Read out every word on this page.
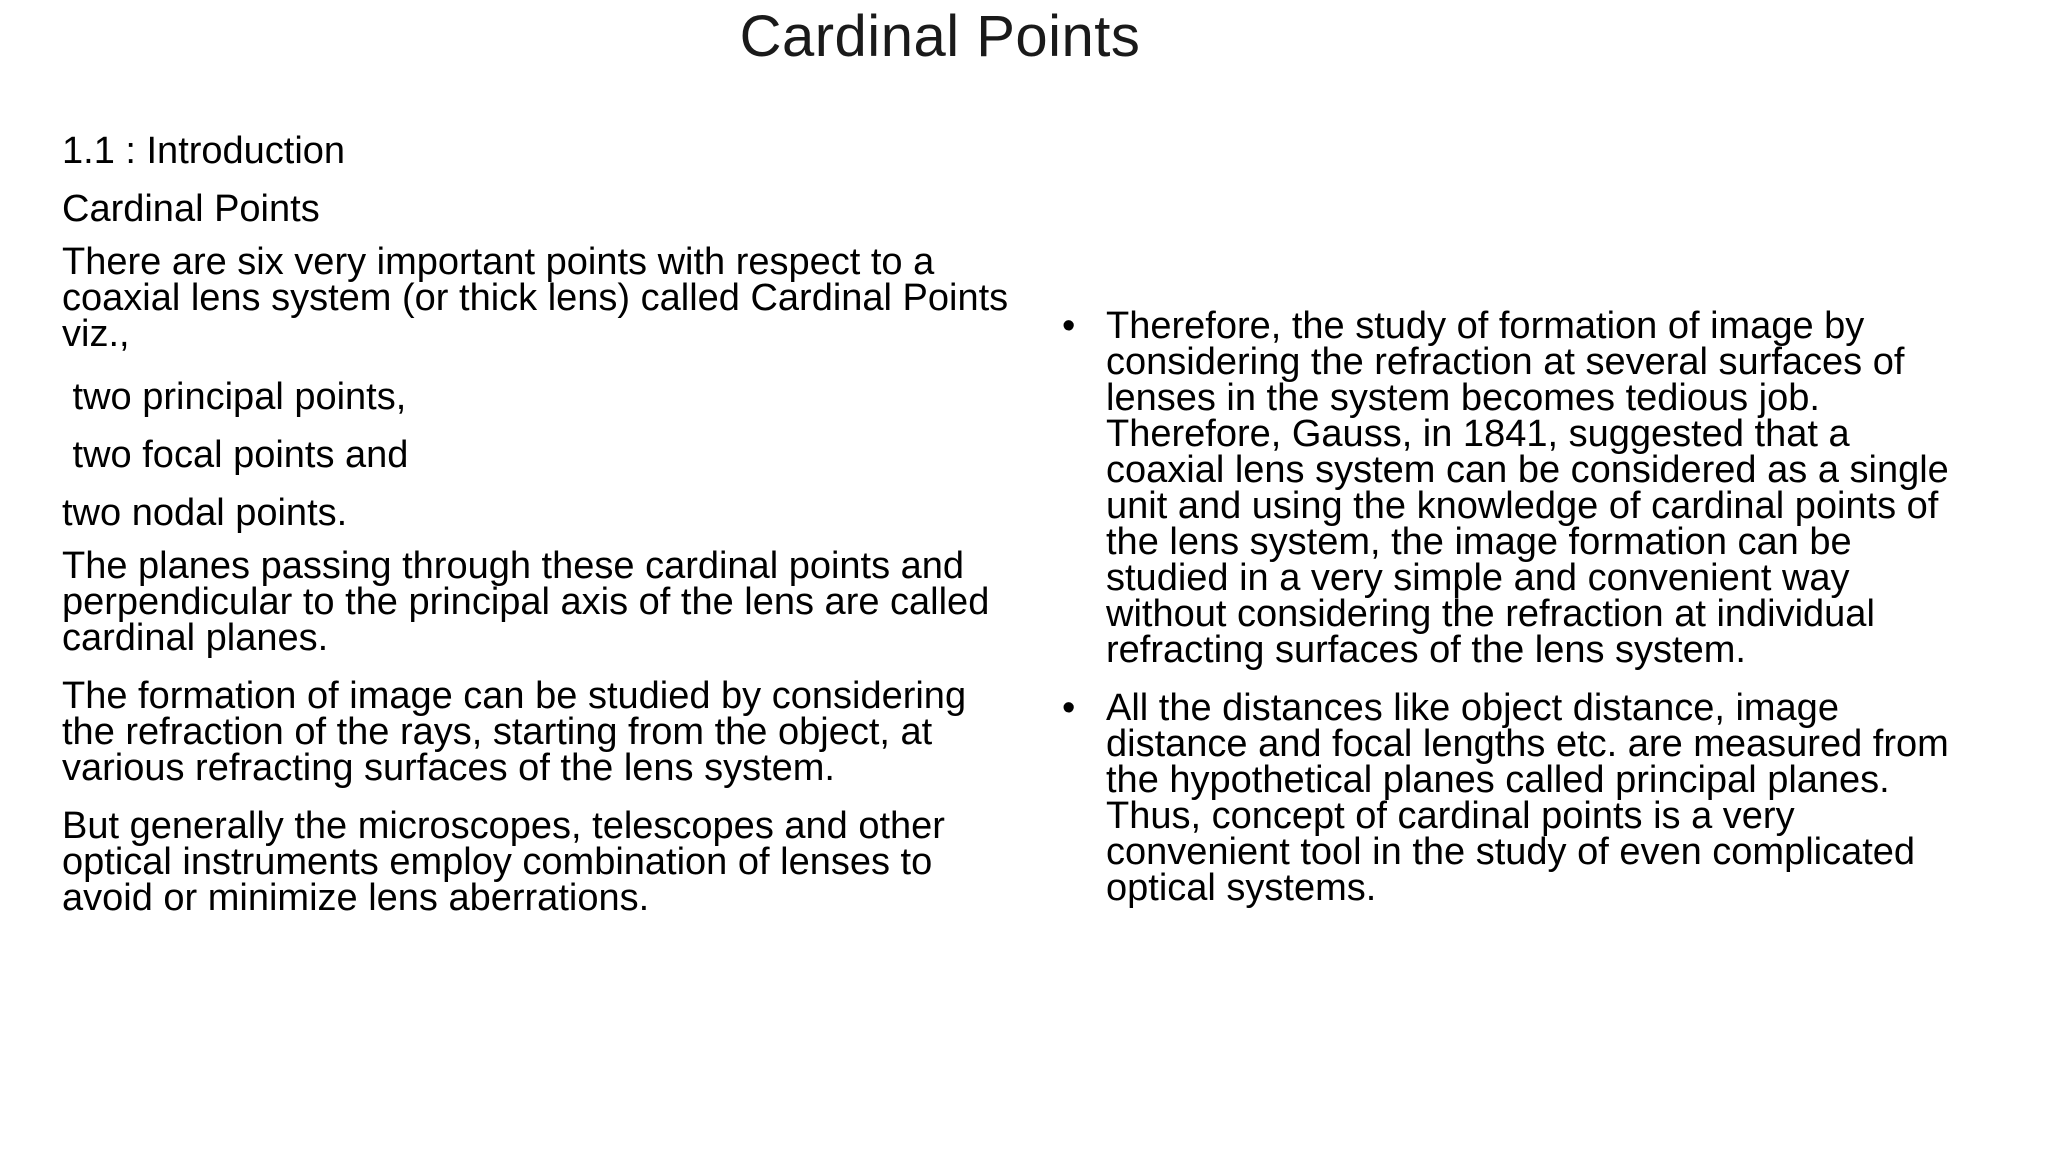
Cardinal Points

1.1 : Introduction

Cardinal Points

There are six very important points with respect to a coaxial lens system (or thick lens) called Cardinal Points viz.,

two principal points,

two focal points and

two nodal points.

The planes passing through these cardinal points and perpendicular to the principal axis of the lens are called cardinal planes.

The formation of image can be studied by considering the refraction of the rays, starting from the object, at various refracting surfaces of the lens system.

But generally the microscopes, telescopes and other optical instruments employ combination of lenses to avoid or minimize lens aberrations.

• Therefore, the study of formation of image by considering the refraction at several surfaces of lenses in the system becomes tedious job. Therefore, Gauss, in 1841, suggested that a coaxial lens system can be considered as a single unit and using the knowledge of cardinal points of the lens system, the image formation can be studied in a very simple and convenient way without considering the refraction at individual refracting surfaces of the lens system.
• All the distances like object distance, image distance and focal lengths etc. are measured from the hypothetical planes called principal planes. Thus, concept of cardinal points is a very convenient tool in the study of even complicated optical systems.
